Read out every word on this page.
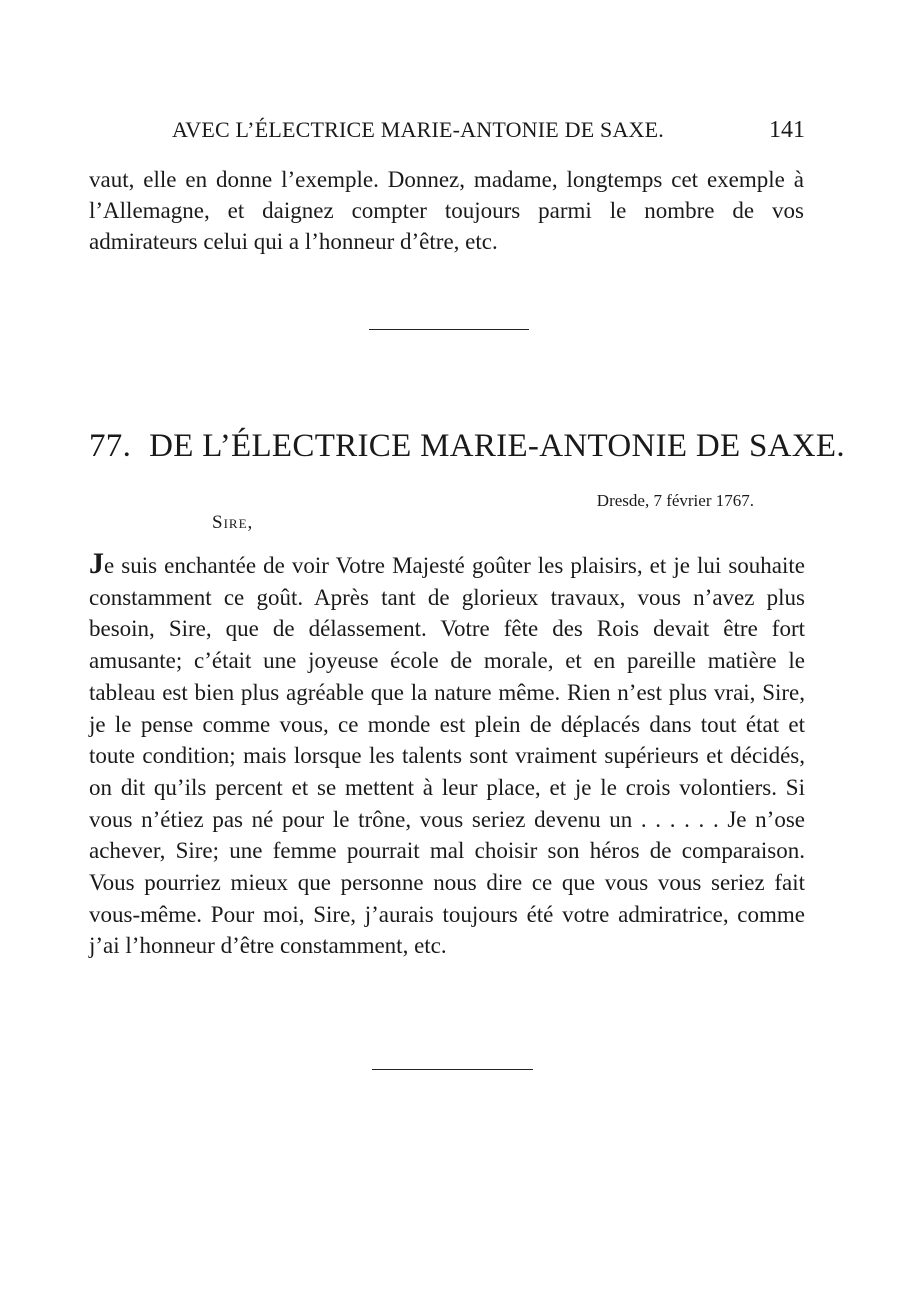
AVEC L’ÉLECTRICE MARIE-ANTONIE DE SAXE.	141

vaut, elle en donne l’exemple. Donnez, madame, longtemps cet exemple à l’Allemagne, et daignez compter toujours parmi le nombre de vos admirateurs celui qui a l’honneur d’être, etc.

77. DE L’ÉLECTRICE MARIE-ANTONIE DE SAXE.
Dresde, 7 février 1767.
Sire,

Je suis enchantée de voir Votre Majesté goûter les plaisirs, et je lui souhaite constamment ce goût. Après tant de glorieux travaux, vous n’avez plus besoin, Sire, que de délassement. Votre fête des Rois devait être fort amusante; c’était une joyeuse école de morale, et en pareille matière le tableau est bien plus agréable que la nature même. Rien n’est plus vrai, Sire, je le pense comme vous, ce monde est plein de déplacés dans tout état et toute condition; mais lorsque les talents sont vraiment supérieurs et décidés, on dit qu’ils percent et se mettent à leur place, et je le crois volontiers. Si vous n’étiez pas né pour le trône, vous seriez devenu un . . . . . . Je n’ose achever, Sire; une femme pourrait mal choisir son héros de comparaison. Vous pourriez mieux que personne nous dire ce que vous vous seriez fait vous-même. Pour moi, Sire, j’aurais toujours été votre admiratrice, comme j’ai l’honneur d’être constamment, etc.
